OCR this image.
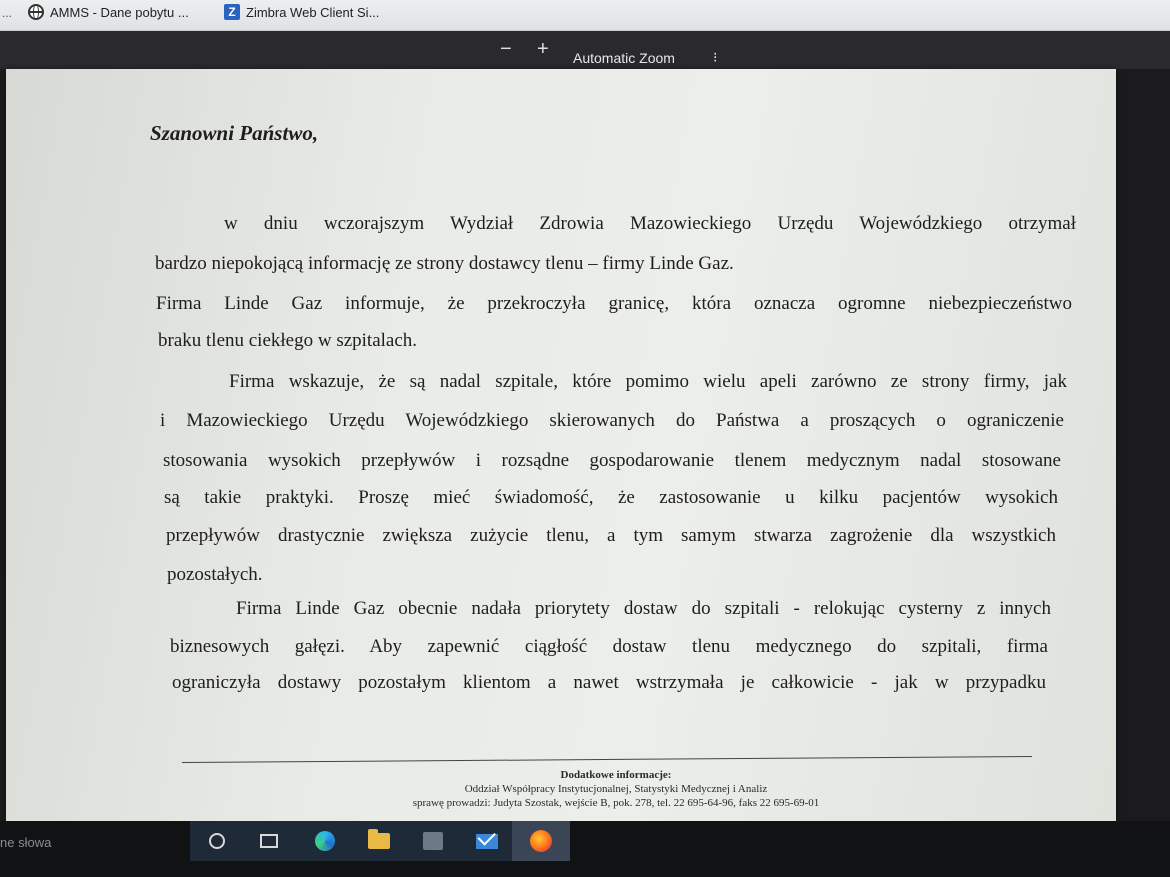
...	AMMS - Dane pobytu ...	Z Zimbra Web Client Si...
− + Automatic Zoom	⁝
Szanowni Państwo,
w dniu wczorajszym Wydział Zdrowia Mazowieckiego Urzędu Wojewódzkiego otrzymał
bardzo niepokojącą informację ze strony dostawcy tlenu – firmy Linde Gaz.
Firma Linde Gaz informuje, że przekroczyła granicę, która oznacza ogromne niebezpieczeństwo
braku tlenu ciekłego w szpitalach.
Firma wskazuje, że są nadal szpitale, które pomimo wielu apeli zarówno ze strony firmy, jak
i Mazowieckiego Urzędu Wojewódzkiego skierowanych do Państwa a proszących o ograniczenie
stosowania wysokich przepływów i rozsądne gospodarowanie tlenem medycznym nadal stosowane
są takie praktyki. Proszę mieć świadomość, że zastosowanie u kilku pacjentów wysokich
przepływów drastycznie zwiększa zużycie tlenu, a tym samym stwarza zagrożenie dla wszystkich
pozostałych.
Firma Linde Gaz obecnie nadała priorytety dostaw do szpitali - relokując cysterny z innych
biznesowych gałęzi. Aby zapewnić ciągłość dostaw tlenu medycznego do szpitali, firma
ograniczyła dostawy pozostałym klientom a nawet wstrzymała je całkowicie - jak w przypadku
Dodatkowe informacje:
Oddział Współpracy Instytucjonalnej, Statystyki Medycznej i Analiz
sprawę prowadzi: Judyta Szostak, wejście B, pok. 278, tel. 22 695-64-96, faks 22 695-69-01
ne słowa
